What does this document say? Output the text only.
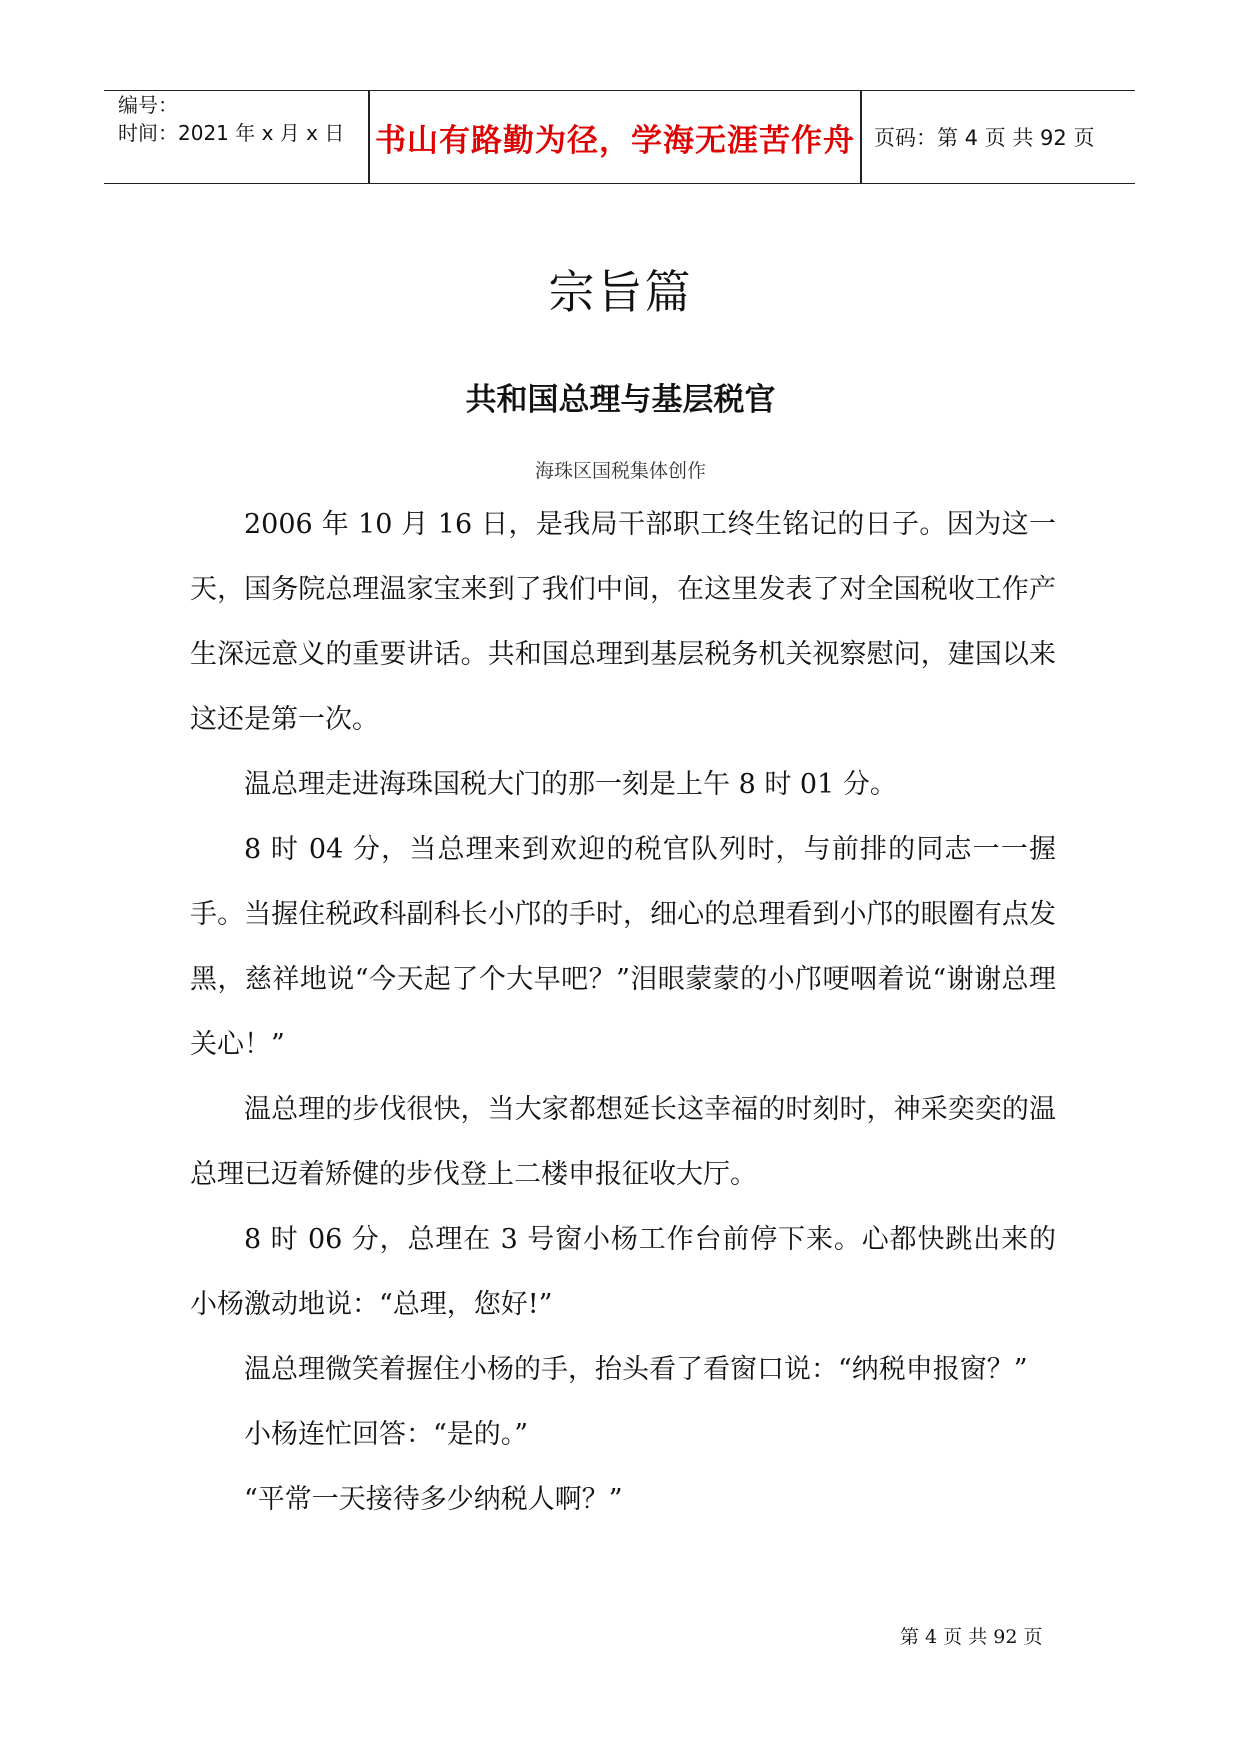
编号：
时间：2021 年 x 月 x 日 书山有路勤为径，学海无涯苦作舟 页码：第 4 页 共 92 页
宗旨篇
共和国总理与基层税官
海珠区国税集体创作

2006 年 10 月 16 日，是我局干部职工终生铭记的日子。因为这一天，国务院总理温家宝来到了我们中间，在这里发表了对全国税收工作产生深远意义的重要讲话。共和国总理到基层税务机关视察慰问，建国以来这还是第一次。

温总理走进海珠国税大门的那一刻是上午 8 时 01 分。

8 时 04 分，当总理来到欢迎的税官队列时，与前排的同志一一握手。当握住税政科副科长小邝的手时，细心的总理看到小邝的眼圈有点发黑，慈祥地说“今天起了个大早吧？”泪眼蒙蒙的小邝哽咽着说“谢谢总理关心！”

温总理的步伐很快，当大家都想延长这幸福的时刻时，神采奕奕的温总理已迈着矫健的步伐登上二楼申报征收大厅。

8 时 06 分，总理在 3 号窗小杨工作台前停下来。心都快跳出来的小杨激动地说：“总理，您好!”

温总理微笑着握住小杨的手，抬头看了看窗口说：“纳税申报窗？”

小杨连忙回答：“是的。”

“平常一天接待多少纳税人啊？”

第 4 页 共 92 页
